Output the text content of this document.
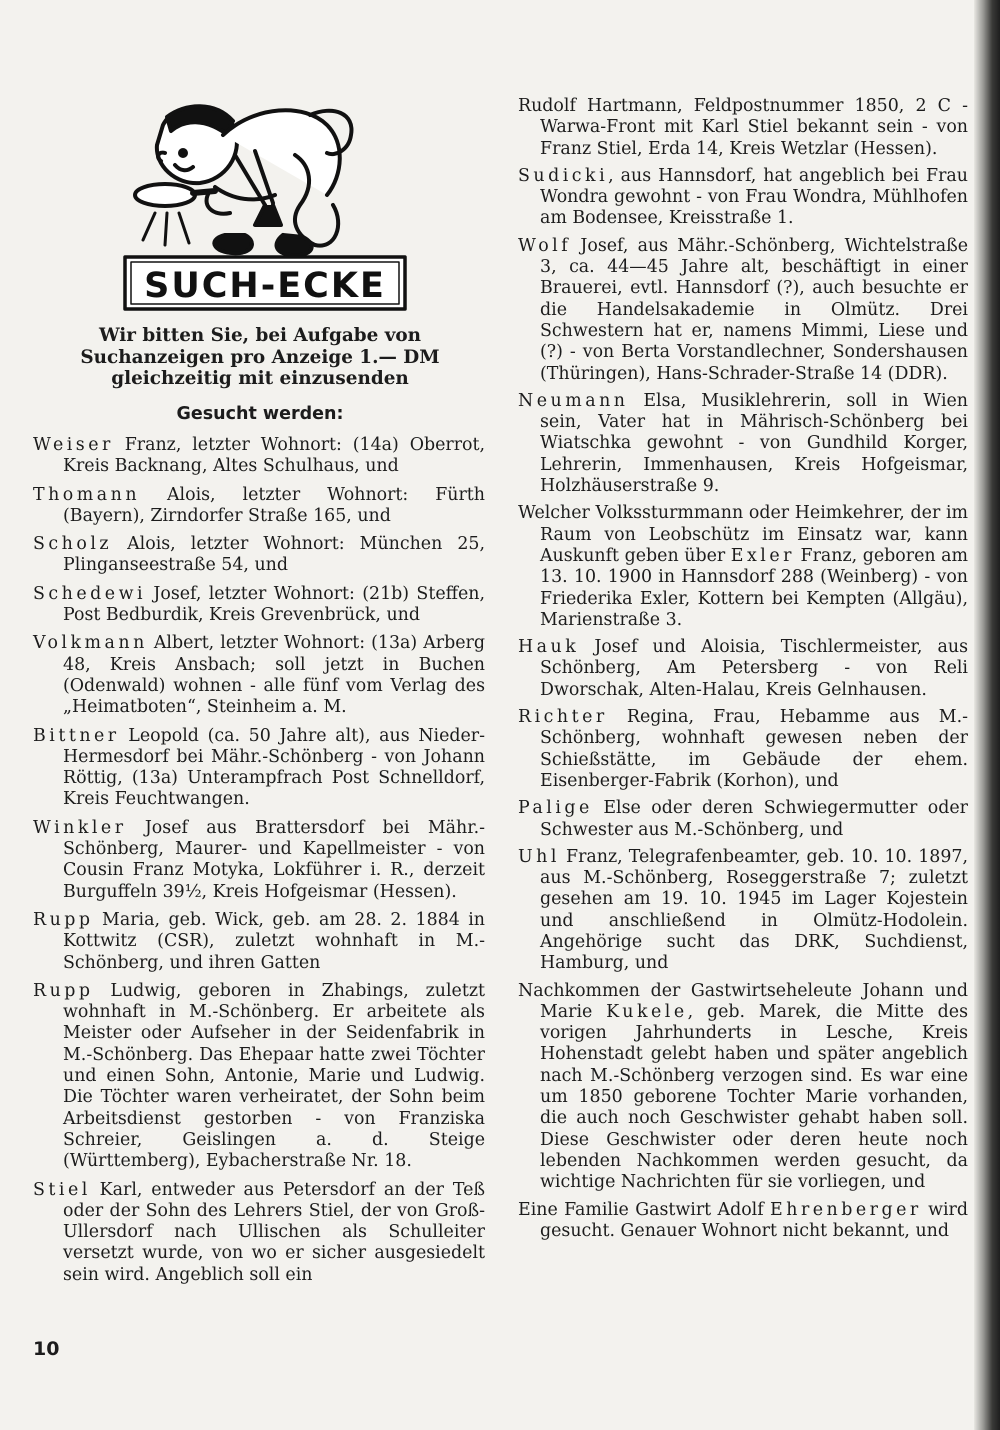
SUCH-ECKE
Wir bitten Sie, bei Aufgabe von Suchanzeigen pro Anzeige 1.— DM gleichzeitig mit einzusenden
Gesucht werden:

Weiser Franz, letzter Wohnort: (14a) Oberrot, Kreis Backnang, Altes Schulhaus, und

Thomann Alois, letzter Wohnort: Fürth (Bayern), Zirndorfer Straße 165, und

Scholz Alois, letzter Wohnort: München 25, Plinganseestraße 54, und

Schedewi Josef, letzter Wohnort: (21b) Steffen, Post Bedburdik, Kreis Grevenbrück, und

Volkmann Albert, letzter Wohnort: (13a) Arberg 48, Kreis Ansbach; soll jetzt in Buchen (Odenwald) wohnen - alle fünf vom Verlag des „Heimatboten“, Steinheim a. M.

Bittner Leopold (ca. 50 Jahre alt), aus Nieder-Hermesdorf bei Mähr.-Schönberg - von Johann Röttig, (13a) Unterampfrach Post Schnelldorf, Kreis Feuchtwangen.

Winkler Josef aus Brattersdorf bei Mähr.-Schönberg, Maurer- und Kapellmeister - von Cousin Franz Motyka, Lokführer i. R., derzeit Burguffeln 39½, Kreis Hofgeismar (Hessen).

Rupp Maria, geb. Wick, geb. am 28. 2. 1884 in Kottwitz (CSR), zuletzt wohnhaft in M.-Schönberg, und ihren Gatten

Rupp Ludwig, geboren in Zhabings, zuletzt wohnhaft in M.-Schönberg. Er arbeitete als Meister oder Aufseher in der Seidenfabrik in M.-Schönberg. Das Ehepaar hatte zwei Töchter und einen Sohn, Antonie, Marie und Ludwig. Die Töchter waren verheiratet, der Sohn beim Arbeitsdienst gestorben - von Franziska Schreier, Geislingen a. d. Steige (Württemberg), Eybacherstraße Nr. 18.

Stiel Karl, entweder aus Petersdorf an der Teß oder der Sohn des Lehrers Stiel, der von Groß-Ullersdorf nach Ullischen als Schulleiter versetzt wurde, von wo er sicher ausgesiedelt sein wird. Angeblich soll ein

Rudolf Hartmann, Feldpostnummer 1850, 2 C - Warwa-Front mit Karl Stiel bekannt sein - von Franz Stiel, Erda 14, Kreis Wetzlar (Hessen).

Sudicki, aus Hannsdorf, hat angeblich bei Frau Wondra gewohnt - von Frau Wondra, Mühlhofen am Bodensee, Kreisstraße 1.

Wolf Josef, aus Mähr.-Schönberg, Wichtelstraße 3, ca. 44—45 Jahre alt, beschäftigt in einer Brauerei, evtl. Hannsdorf (?), auch besuchte er die Handelsakademie in Olmütz. Drei Schwestern hat er, namens Mimmi, Liese und (?) - von Berta Vorstandlechner, Sondershausen (Thüringen), Hans-Schrader-Straße 14 (DDR).

Neumann Elsa, Musiklehrerin, soll in Wien sein, Vater hat in Mährisch-Schönberg bei Wiatschka gewohnt - von Gundhild Korger, Lehrerin, Immenhausen, Kreis Hofgeismar, Holzhäuserstraße 9.

Welcher Volkssturmmann oder Heimkehrer, der im Raum von Leobschütz im Einsatz war, kann Auskunft geben über Exler Franz, geboren am 13. 10. 1900 in Hannsdorf 288 (Weinberg) - von Friederika Exler, Kottern bei Kempten (Allgäu), Marienstraße 3.

Hauk Josef und Aloisia, Tischlermeister, aus Schönberg, Am Petersberg - von Reli Dworschak, Alten-Halau, Kreis Gelnhausen.

Richter Regina, Frau, Hebamme aus M.-Schönberg, wohnhaft gewesen neben der Schießstätte, im Gebäude der ehem. Eisenberger-Fabrik (Korhon), und

Palige Else oder deren Schwiegermutter oder Schwester aus M.-Schönberg, und

Uhl Franz, Telegrafenbeamter, geb. 10. 10. 1897, aus M.-Schönberg, Roseggerstraße 7; zuletzt gesehen am 19. 10. 1945 im Lager Kojestein und anschließend in Olmütz-Hodolein. Angehörige sucht das DRK, Suchdienst, Hamburg, und

Nachkommen der Gastwirtseheleute Johann und Marie Kukele, geb. Marek, die Mitte des vorigen Jahrhunderts in Lesche, Kreis Hohenstadt gelebt haben und später angeblich nach M.-Schönberg verzogen sind. Es war eine um 1850 geborene Tochter Marie vorhanden, die auch noch Geschwister gehabt haben soll. Diese Geschwister oder deren heute noch lebenden Nachkommen werden gesucht, da wichtige Nachrichten für sie vorliegen, und

Eine Familie Gastwirt Adolf Ehrenberger wird gesucht. Genauer Wohnort nicht bekannt, und

10
